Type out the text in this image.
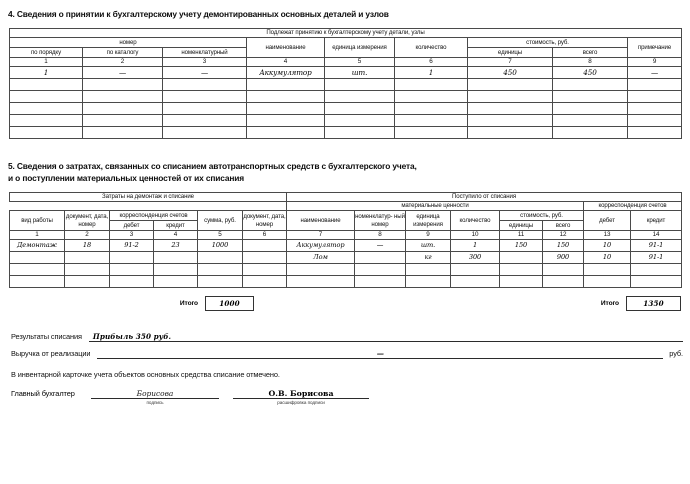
4. Сведения о принятии к бухгалтерскому учету демонтированных основных деталей и узлов
Подлежат принятию к бухгалтерскому учету детали, узлы								
номер			наименование	единица измерения	количество	стоимость, руб.		примечание
по порядку	по каталогу	номенклатурный				единицы	всего	
1	2	3	4	5	6	7	8	9
1	—	—	Аккумулятор	шт.	1	450	450	—

5. Сведения о затратах, связанных со списанием автотранспортных средств с бухгалтерского учета,
и о поступлении материальных ценностей от их списания
Затраты на демонтаж и списание						Поступило от списания							
						материальные ценности						корреспонденция счетов	
вид работы	документ, дата, номер	корреспонденция счетов		сумма, руб.	документ, дата, номер	наименование	номенклатур- ный номер	единица измерения	количество	стоимость, руб.		дебет	кредит
		дебет	кредит							единицы	всего		
1	2	3	4	5	6	7	8	9	10	11	12	13	14
Демонтаж	18	91-2	23	1000		Аккумулятор	—	шт.	1	150	150	10	91-1
						Лом		кг	300		900	10	91-1

Итого	1000	Итого	1350
Результаты списания Прибыль 350 руб.
Выручка от реализации	—	руб.
В инвентарной карточке учета объектов основных средства списание отмечено.
Главный бухгалтер	Борисова
подпись
О.В. Борисова
расшифровка подписи
